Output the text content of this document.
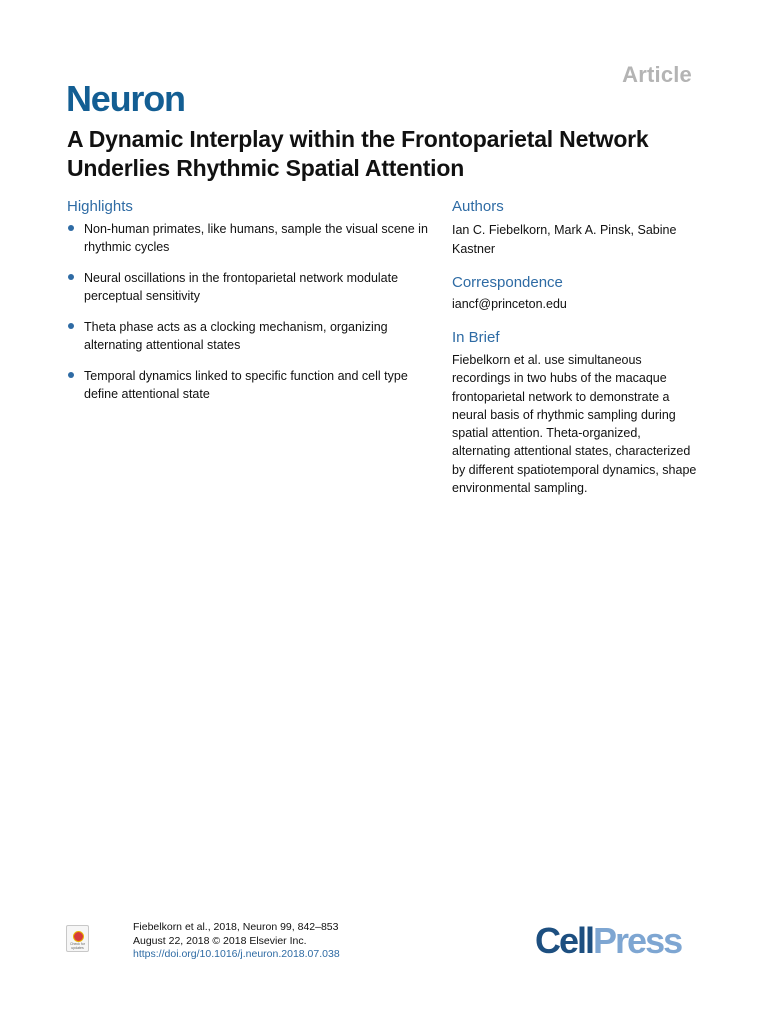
Article
Neuron
A Dynamic Interplay within the Frontoparietal Network Underlies Rhythmic Spatial Attention
Highlights
Non-human primates, like humans, sample the visual scene in rhythmic cycles
Neural oscillations in the frontoparietal network modulate perceptual sensitivity
Theta phase acts as a clocking mechanism, organizing alternating attentional states
Temporal dynamics linked to specific function and cell type define attentional state
Authors
Ian C. Fiebelkorn, Mark A. Pinsk, Sabine Kastner
Correspondence
iancf@princeton.edu
In Brief
Fiebelkorn et al. use simultaneous recordings in two hubs of the macaque frontoparietal network to demonstrate a neural basis of rhythmic sampling during spatial attention. Theta-organized, alternating attentional states, characterized by different spatiotemporal dynamics, shape environmental sampling.
Check for updates
Fiebelkorn et al., 2018, Neuron 99, 842–853
August 22, 2018 © 2018 Elsevier Inc.
https://doi.org/10.1016/j.neuron.2018.07.038	CellPress
